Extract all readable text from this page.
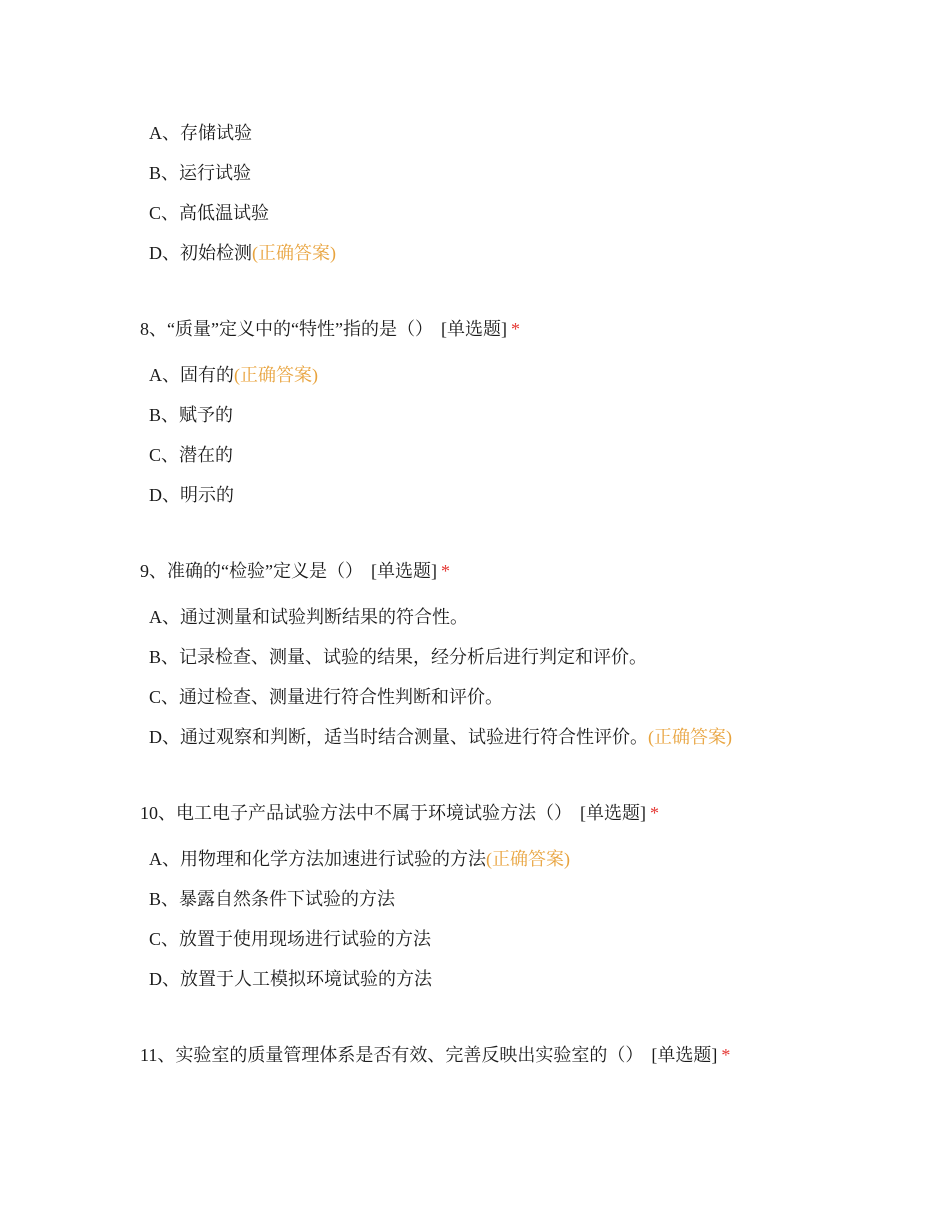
A、存储试验
B、运行试验
C、高低温试验
D、初始检测(正确答案)
8、“质量”定义中的“特性”指的是（） [单选题] *
A、固有的(正确答案)
B、赋予的
C、潜在的
D、明示的
9、准确的“检验”定义是（） [单选题] *
A、通过测量和试验判断结果的符合性。
B、记录检查、测量、试验的结果，经分析后进行判定和评价。
C、通过检查、测量进行符合性判断和评价。
D、通过观察和判断，适当时结合测量、试验进行符合性评价。(正确答案)
10、电工电子产品试验方法中不属于环境试验方法（） [单选题] *
A、用物理和化学方法加速进行试验的方法(正确答案)
B、暴露自然条件下试验的方法
C、放置于使用现场进行试验的方法
D、放置于人工模拟环境试验的方法
11、实验室的质量管理体系是否有效、完善反映出实验室的（） [单选题] *
